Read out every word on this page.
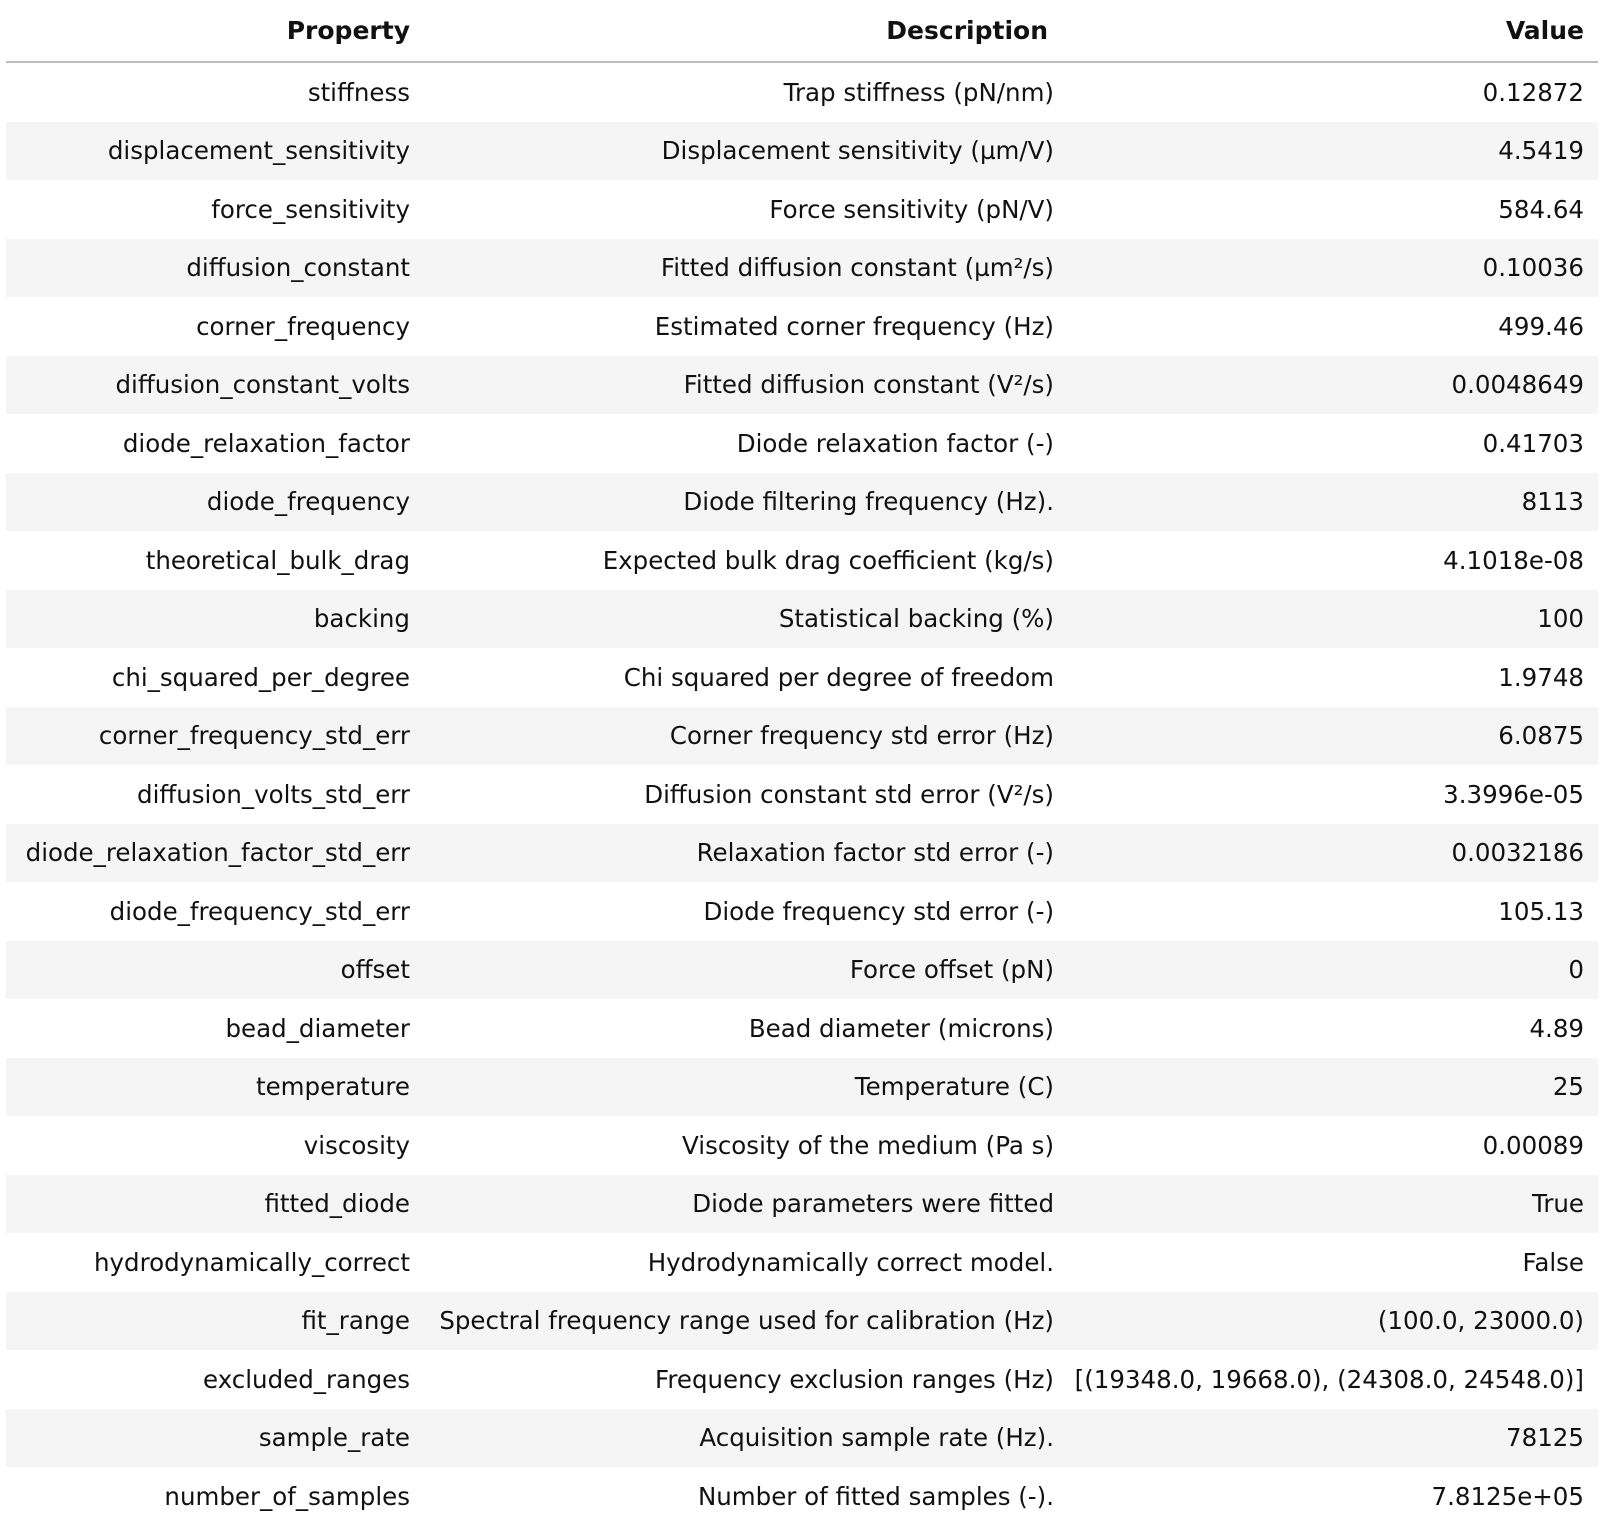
Property	Description	Value
stiffness	Trap stiffness (pN/nm)	0.12872
displacement_sensitivity	Displacement sensitivity (µm/V)	4.5419
force_sensitivity	Force sensitivity (pN/V)	584.64
diffusion_constant	Fitted diffusion constant (µm²/s)	0.10036
corner_frequency	Estimated corner frequency (Hz)	499.46
diffusion_constant_volts	Fitted diffusion constant (V²/s)	0.0048649
diode_relaxation_factor	Diode relaxation factor (-)	0.41703
diode_frequency	Diode filtering frequency (Hz).	8113
theoretical_bulk_drag	Expected bulk drag coefficient (kg/s)	4.1018e-08
backing	Statistical backing (%)	100
chi_squared_per_degree	Chi squared per degree of freedom	1.9748
corner_frequency_std_err	Corner frequency std error (Hz)	6.0875
diffusion_volts_std_err	Diffusion constant std error (V²/s)	3.3996e-05
diode_relaxation_factor_std_err	Relaxation factor std error (-)	0.0032186
diode_frequency_std_err	Diode frequency std error (-)	105.13
offset	Force offset (pN)	0
bead_diameter	Bead diameter (microns)	4.89
temperature	Temperature (C)	25
viscosity	Viscosity of the medium (Pa s)	0.00089
fitted_diode	Diode parameters were fitted	True
hydrodynamically_correct	Hydrodynamically correct model.	False
fit_range	Spectral frequency range used for calibration (Hz)	(100.0, 23000.0)
excluded_ranges	Frequency exclusion ranges (Hz)	[(19348.0, 19668.0), (24308.0, 24548.0)]
sample_rate	Acquisition sample rate (Hz).	78125
number_of_samples	Number of fitted samples (-).	7.8125e+05
